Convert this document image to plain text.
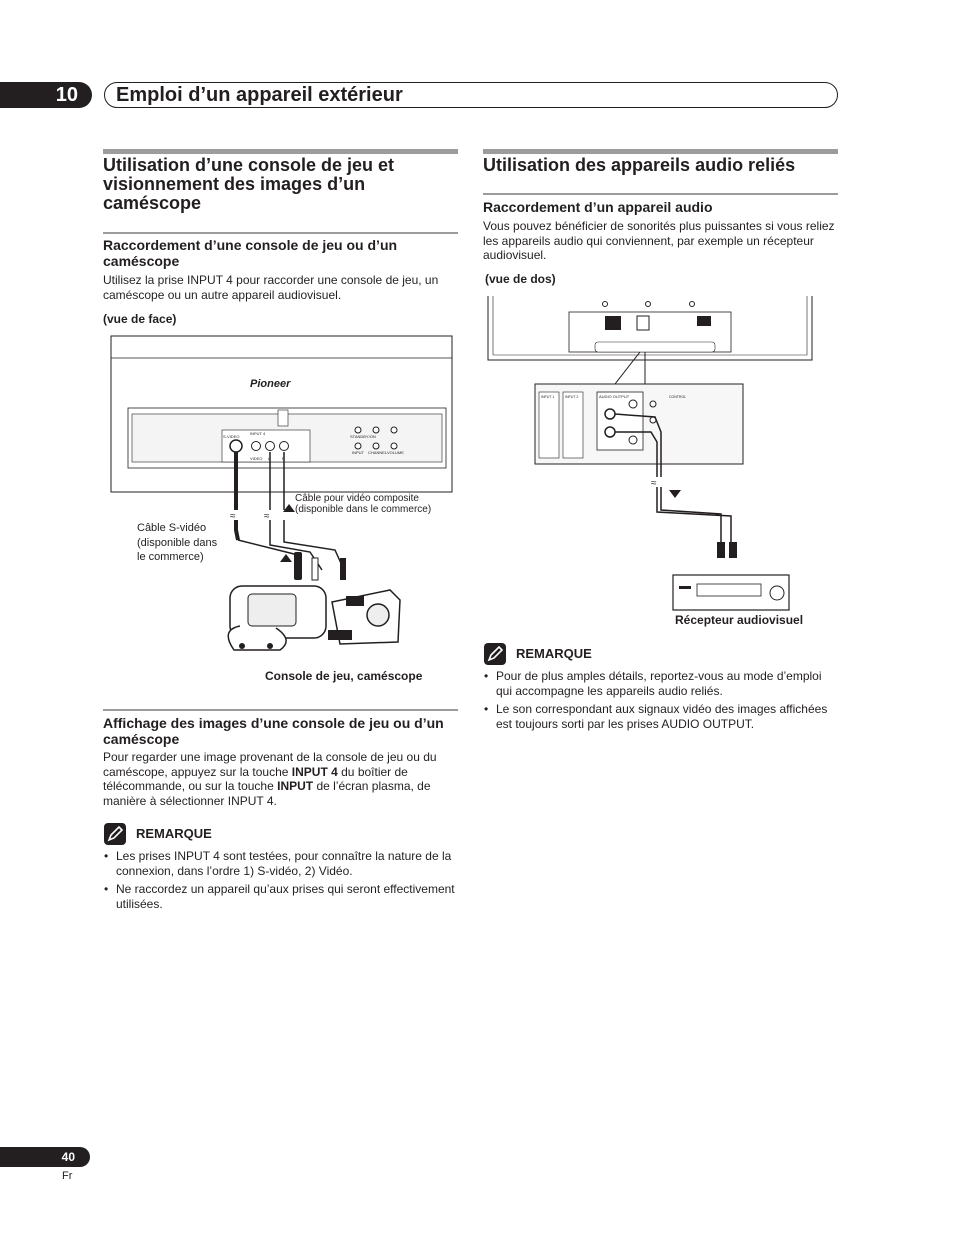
10	Emploi d’un appareil extérieur
Utilisation d’une console de jeu et visionnement des images d’un caméscope
Raccordement d’une console de jeu ou d’un caméscope

Utilisez la prise INPUT 4 pour raccorder une console de jeu, un caméscope ou un autre appareil audiovisuel.

(vue de face)
S-VIDEO
VIDEO L	R
STANDBY/ON
INPUT CHANNEL VOLUME
INPUT 4
Pioneer
≈	≈
Câble pour vidéo composite (disponible dans le commerce)
Câble S-vidéo
(disponible dans
le commerce)
Console de jeu, caméscope
Affichage des images d’une console de jeu ou d’un caméscope

Pour regarder une image provenant de la console de jeu ou du caméscope, appuyez sur la touche INPUT 4 du boîtier de télécommande, ou sur la touche INPUT de l’écran plasma, de manière à sélectionner INPUT 4.

REMARQUE
• Les prises INPUT 4 sont testées, pour connaître la nature de la connexion, dans l’ordre 1) S-vidéo, 2) Vidéo.
• Ne raccordez un appareil qu’aux prises qui seront effectivement utilisées.
Utilisation des appareils audio reliés
Raccordement d’un appareil audio

Vous pouvez bénéficier de sonorités plus puissantes si vous reliez les appareils audio qui conviennent, par exemple un récepteur audiovisuel.

(vue de dos)
AUDIO OUTPUT
INPUT 1	INPUT 2	CONTROL
≈
Récepteur audiovisuel
REMARQUE
• Pour de plus amples détails, reportez-vous au mode d’emploi qui accompagne les appareils audio reliés.
• Le son correspondant aux signaux vidéo des images affichées est toujours sorti par les prises AUDIO OUTPUT.
40
Fr
